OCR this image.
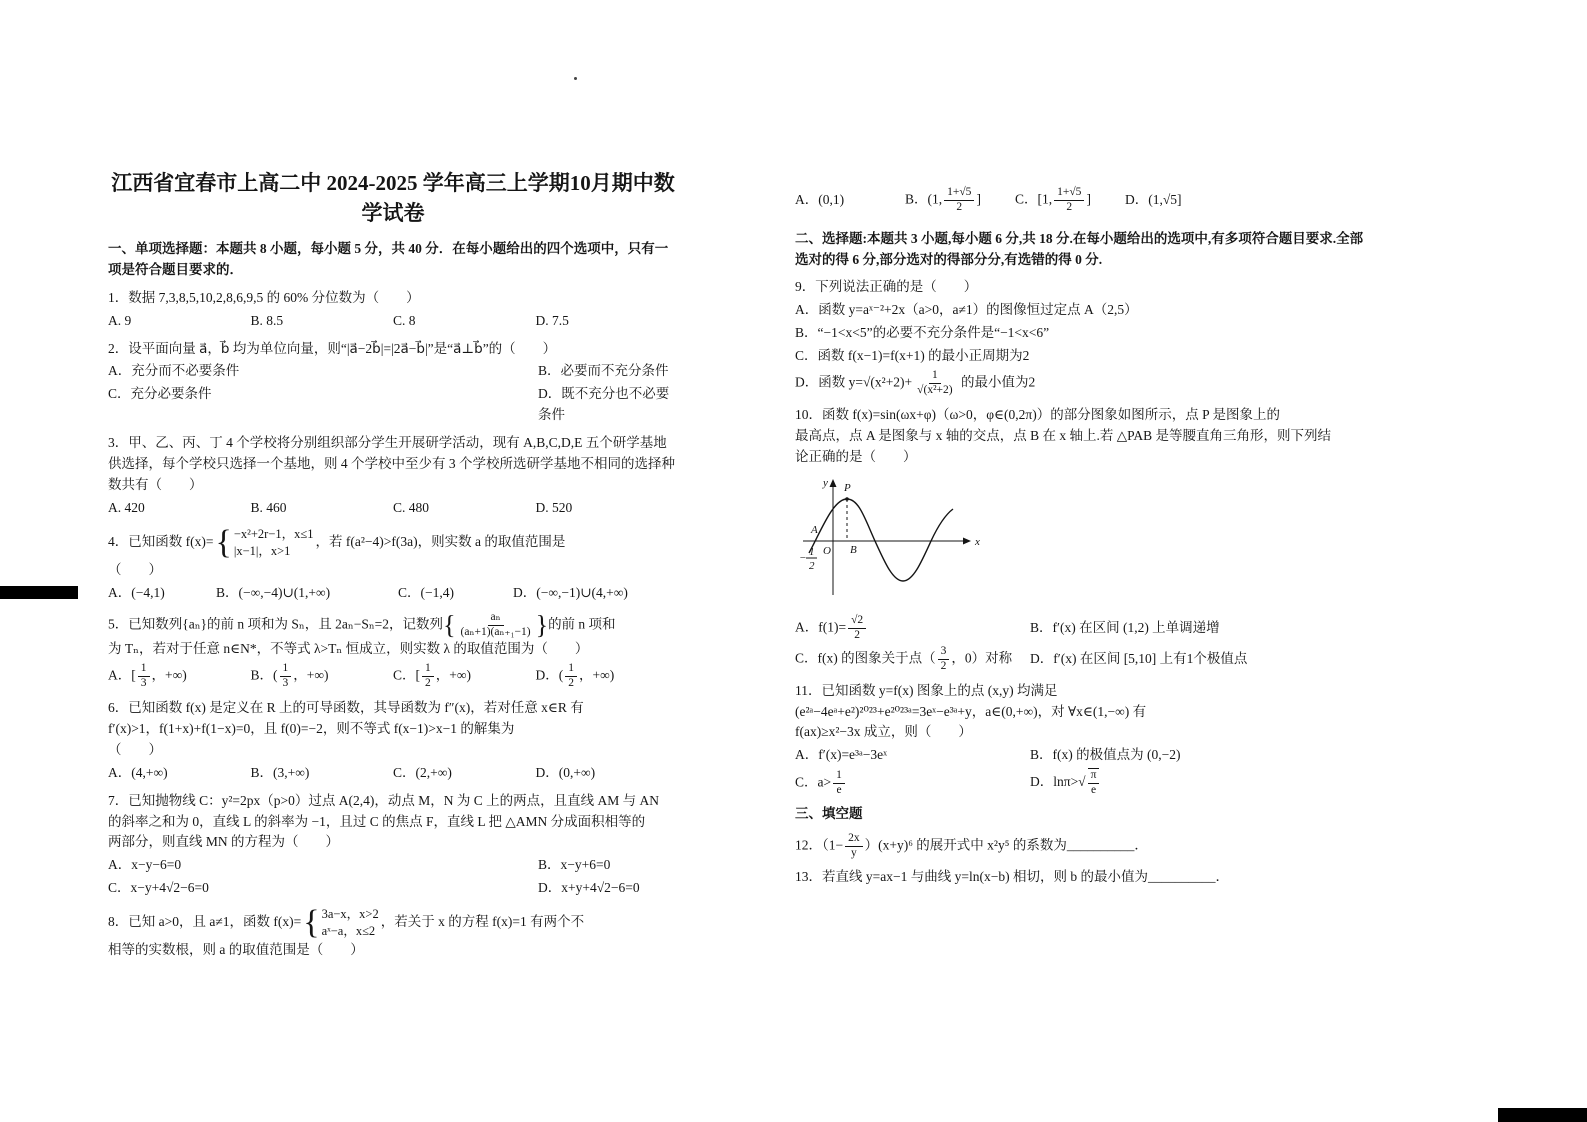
江西省宜春市上高二中 2024-2025 学年高三上学期10月期中数学试卷

一、单项选择题：本题共 8 小题，每小题 5 分，共 40 分．在每小题给出的四个选项中，只有一项是符合题目要求的．

1．数据 7,3,8,5,10,2,8,6,9,5 的 60% 分位数为（　　）

A. 9	B. 8.5	C. 8	D. 7.5

2．设平面向量 a⃗，b⃗ 均为单位向量，则“|a⃗−2b⃗|=|2a⃗−b⃗|”是“a⃗⊥b⃗”的（　　）

A．充分而不必要条件	B．必要而不充分条件
C．充分必要条件	D．既不充分也不必要条件

3．甲、乙、丙、丁 4 个学校将分别组织部分学生开展研学活动，现有 A,B,C,D,E 五个研学基地供选择，每个学校只选择一个基地，则 4 个学校中至少有 3 个学校所选研学基地不相同的选择种数共有（　　）

A. 420	B. 460	C. 480	D. 520

4．已知函数 f(x)= { −x²+2r−1，x≤1
|x−1|，x>1
，若 f(a²−4)>f(3a)，则实数 a 的取值范围是

（　　）

A．(−4,1)	B．(−∞,−4)∪(1,+∞)	C．(−1,4)	D．(−∞,−1)∪(4,+∞)

5．已知数列{aₙ}的前 n 项和为 Sₙ，且 2aₙ−Sₙ=2，记数列{ $\frac{\text{aₙ}}{\text{(aₙ+1)(aₙ₊₁−1)}}$ }的前 n 项和

为 Tₙ，若对于任意 n∈N*，不等式 λ>Tₙ 恒成立，则实数 λ 的取值范围为（　　）

A．[ $\frac{1}{3}$ ，+∞)	B．( $\frac{1}{3}$ ，+∞)	C．[ $\frac{1}{2}$ ，+∞)	D．( $\frac{1}{2}$ ，+∞)

6．已知函数 f(x) 是定义在 R 上的可导函数，其导函数为 f″(x)，若对任意 x∈R 有

f′(x)>1，f(1+x)+f(1−x)=0，且 f(0)=−2，则不等式 f(x−1)>x−1 的解集为

（　　）

A．(4,+∞)	B．(3,+∞)	C．(2,+∞)	D．(0,+∞)

7．已知抛物线 C：y²=2px（p>0）过点 A(2,4)，动点 M，N 为 C 上的两点，且直线 AM 与 AN

的斜率之和为 0，直线 L 的斜率为 −1，且过 C 的焦点 F，直线 L 把 △AMN 分成面积相等的

两部分，则直线 MN 的方程为（　　）

A．x−y−6=0	B．x−y+6=0
C．x−y+4√2−6=0	D．x+y+4√2−6=0

8．已知 a>0，且 a≠1，函数 f(x)= { 3a−x，x>2
aˣ−a，x≤2
，若关于 x 的方程 f(x)=1 有两个不

相等的实数根，则 a 的取值范围是（　　）

A．(0,1)	B．(1, $\frac{1+√5}{2}$ ]	C．[1, $\frac{1+√5}{2}$ ]	D．(1,√5]

二、选择题:本题共 3 小题,每小题 6 分,共 18 分.在每小题给出的选项中,有多项符合题目要求.全部选对的得 6 分,部分选对的得部分分,有选错的得 0 分.

9．下列说法正确的是（　　）

A．函数 y=aˣ⁻²+2x（a>0，a≠1）的图像恒过定点 A（2,5）

B．“−1<x<5”的必要不充分条件是“−1<x<6”

C．函数 f(x−1)=f(x+1) 的最小正周期为2

D．函数 $y=√(x^2+2)+ \frac{1}{\text{√(x²+2)}}$ 的最小值为2

10．函数 f(x)=sin(ωx+φ)（ω>0，φ∈(0,2π)）的部分图象如图所示，点 P 是图象上的

最高点，点 A 是图象与 x 轴的交点，点 B 在 x 轴上.若 △PAB 是等腰直角三角形，则下列结

论正确的是（　　）

y
x
P
A
B
O
− 1
2
A．$f(1)= \frac{√2}{2}$	B．f′(x) 在区间 (1,2) 上单调递增
C．f(x) 的图象关于点（ $\frac{3}{2}$ ，0）对称	D．f′(x) 在区间 [5,10] 上有1个极值点

11．已知函数 y=f(x) 图象上的点 (x,y) 均满足

(e²ᵃ−4eᵃ+e²)²⁰²³+e²⁰²³ᵃ=3eˣ−e³ᵃ+y，a∈(0,+∞)，对 ∀x∈(1,−∞) 有

f(ax)≥x²−3x 成立，则（　　）

A．f′(x)=e³ᵃ−3eˣ	B．f(x) 的极值点为 (0,−2)
C．$a> \frac{1}{e}$	D．$\ln\pi>√ \frac{\pi}{e}$

三、填空题

12．$(1- \frac{2x}{y} )(x+y)^6$ 的展开式中 x²y⁵ 的系数为__________．

13．若直线 y=ax−1 与曲线 y=ln(x−b) 相切，则 b 的最小值为__________．
